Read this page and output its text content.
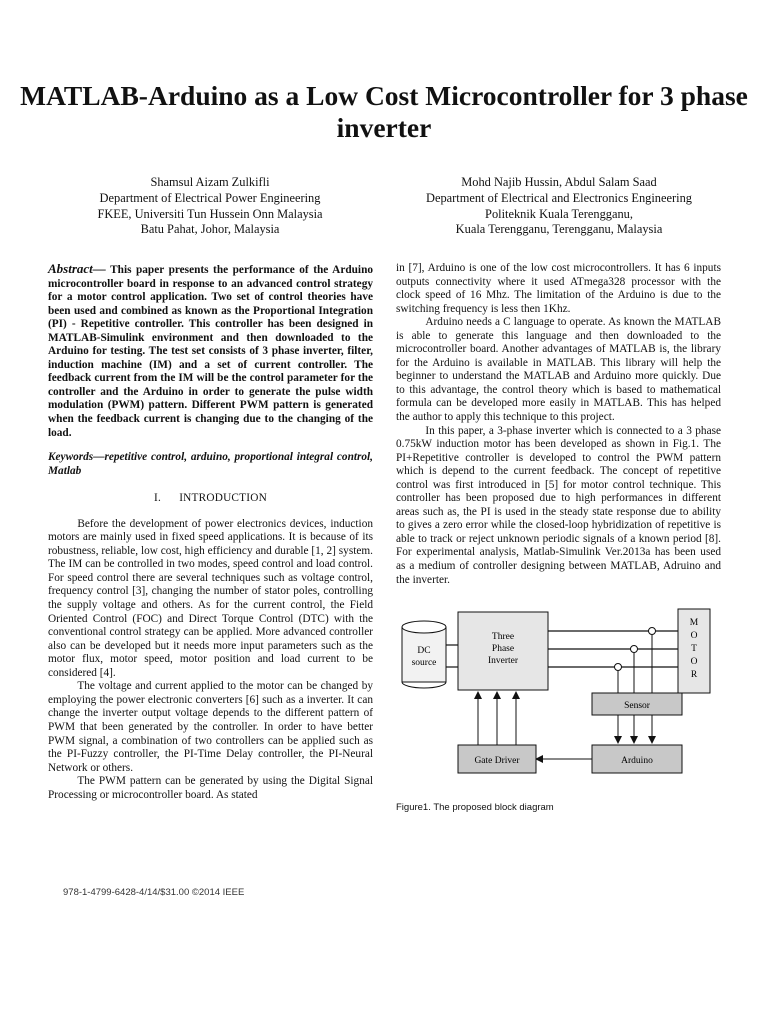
MATLAB-Arduino as a Low Cost Microcontroller for 3 phase inverter
Shamsul Aizam Zulkifli
Department of Electrical Power Engineering
FKEE, Universiti Tun Hussein Onn Malaysia
Batu Pahat, Johor, Malaysia
Mohd Najib Hussin, Abdul Salam Saad
Department of Electrical and Electronics Engineering
Politeknik Kuala Terengganu,
Kuala Terengganu, Terengganu, Malaysia

Abstract— This paper presents the performance of the Arduino microcontroller board in response to an advanced control strategy for a motor control application. Two set of control theories have been used and combined as known as the Proportional Integration (PI) - Repetitive controller. This controller has been designed in MATLAB-Simulink environment and then downloaded to the Arduino for testing. The test set consists of 3 phase inverter, filter, induction machine (IM) and a set of current controller. The feedback current from the IM will be the control parameter for the controller and the Arduino in order to generate the pulse width modulation (PWM) pattern. Different PWM pattern is generated when the feedback current is changing due to the changing of the load.

Keywords—repetitive control, arduino, proportional integral control, Matlab

I. INTRODUCTION

Before the development of power electronics devices, induction motors are mainly used in fixed speed applications. It is because of its robustness, reliable, low cost, high efficiency and durable [1, 2] system. The IM can be controlled in two modes, speed control and load control. For speed control there are several techniques such as voltage control, frequency control [3], changing the number of stator poles, controlling the supply voltage and others. As for the current control, the Field Oriented Control (FOC) and Direct Torque Control (DTC) with the conventional control strategy can be applied. More advanced controller also can be developed but it needs more input parameters such as the motor flux, motor speed, motor position and load current to be considered [4].

The voltage and current applied to the motor can be changed by employing the power electronic converters [6] such as a inverter. It can change the inverter output voltage depends to the different pattern of PWM that been generated by the controller. In order to have better PWM signal, a combination of two controllers can be applied such as the PI-Fuzzy controller, the PI-Time Delay controller, the PI-Neural Network or others.

The PWM pattern can be generated by using the Digital Signal Processing or microcontroller board. As stated

in [7], Arduino is one of the low cost microcontrollers. It has 6 inputs outputs connectivity where it used ATmega328 processor with the clock speed of 16 Mhz. The limitation of the Arduino is due to the switching frequency is less then 1Khz.

Arduino needs a C language to operate. As known the MATLAB is able to generate this language and then downloaded to the microcontroller board. Another advantages of MATLAB is, the library for the Arduino is available in MATLAB. This library will help the beginner to understand the MATLAB and Arduino more quickly. Due to this advantage, the control theory which is based to mathematical formula can be developed more easily in MATLAB. This has helped the author to apply this technique to this project.

In this paper, a 3-phase inverter which is connected to a 3 phase 0.75kW induction motor has been developed as shown in Fig.1. The PI+Repetitive controller is developed to control the PWM pattern which is depend to the current feedback. The concept of repetitive control was first introduced in [5] for motor control technique. This controller has been proposed due to high performances in different areas such as, the PI is used in the steady state response due to ability to gives a zero error while the closed-loop hybridization of repetitive is able to track or reject unknown periodic signals of a known period [8]. For experimental analysis, Matlab-Simulink Ver.2013a has been used as a medium of controller designing between MATLAB, Adruino and the inverter.

DC
source
Three
Phase
Inverter
M
O
T
O
R
Sensor
Arduino
Gate Driver
Figure1. The proposed block diagram
978-1-4799-6428-4/14/$31.00 ©2014 IEEE
